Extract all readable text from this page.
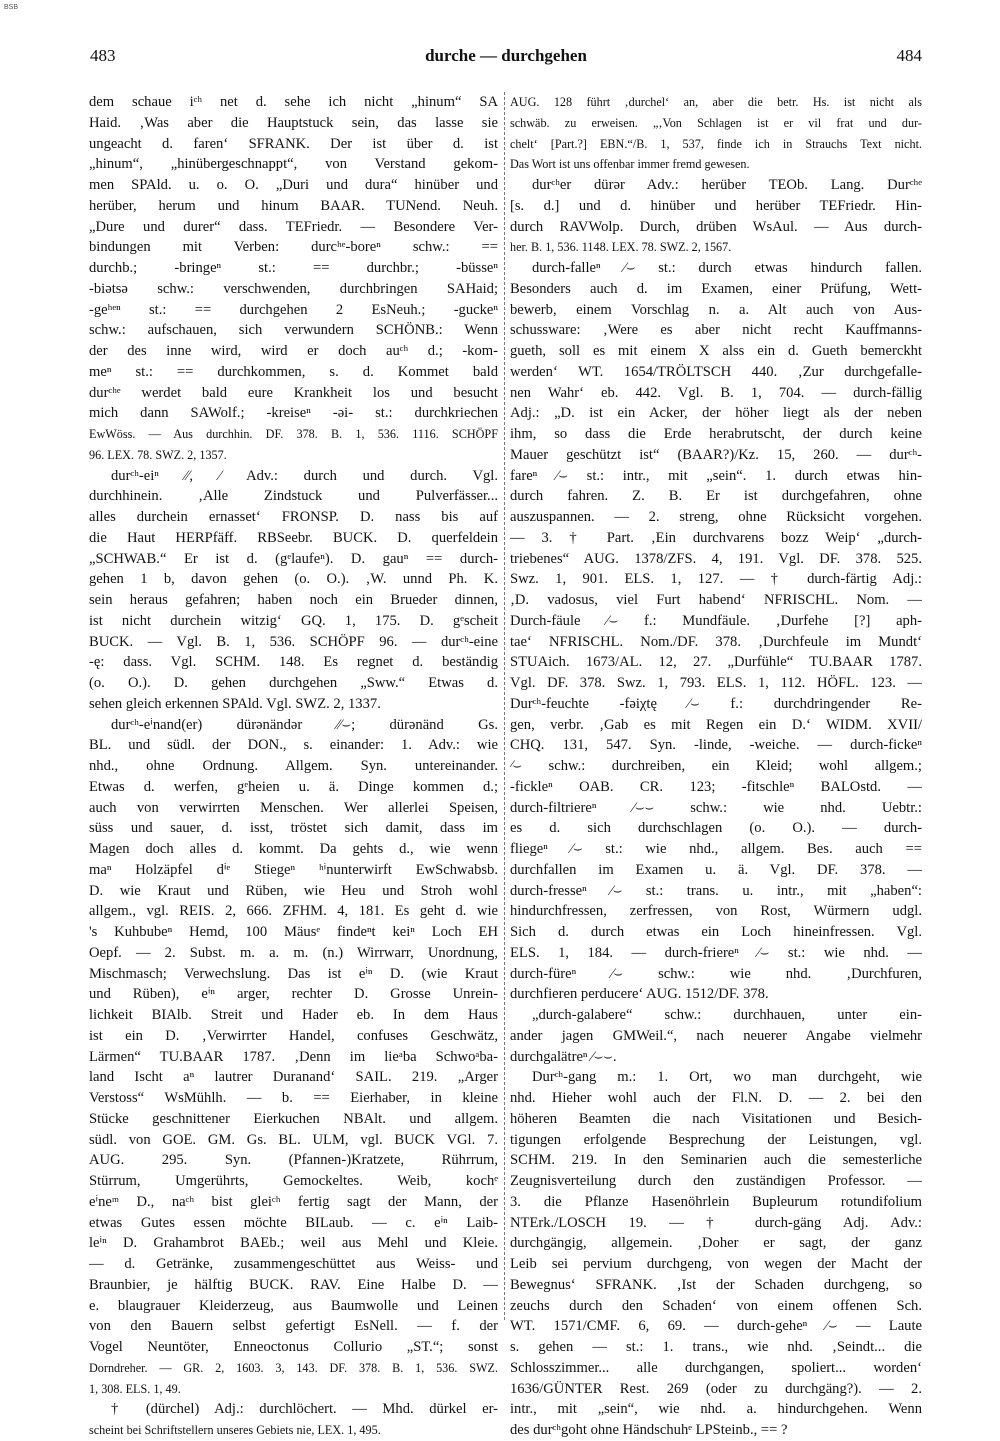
BSB
483	durche — durchgehen	484
dem schaue iᶜʰ net d. sehe ich nicht „hinum“ SA
Haid. ‚Was aber die Hauptstuck sein, das lasse sie
ungeacht d. faren‘ SFRANK. Der ist über d. ist
„hinum“, „hinübergeschnappt“, von Verstand gekom-
men SPAld. u. o. O. „Duri und dura“ hinüber und
herüber, herum und hinum BAAR. TUNend. Neuh.
„Dure und durer“ dass. TEFriedr. — Besondere Ver-
bindungen mit Verben: durcʰᵉ-boreⁿ schw.: ==
durchb.; -bringeⁿ st.: == durchbr.; -büsseⁿ
-biətsə schw.: verschwenden, durchbringen SAHaid;
-geʰᵉⁿ st.: == durchgehen 2 EsNeuh.; -guckeⁿ
schw.: aufschauen, sich verwundern SCHÖNB.: Wenn
der des inne wird, wird er doch auᶜʰ d.; -kom-
meⁿ st.: == durchkommen, s. d. Kommet bald
durᶜʰᵉ werdet bald eure Krankheit los und besucht
mich dann SAWolf.; -kreiseⁿ -əi- st.: durchkriechen
EwWöss. — Aus durchhin. DF. 378. B. 1, 536. 1116. SCHÖPF
96. LEX. 78. SWZ. 2, 1357.
durᶜʰ-eiⁿ ⁄⁄, ⁄ Adv.: durch und durch. Vgl.
durchhinein. ‚Alle Zindstuck und Pulverfässer...
alles durchein ernasset‘ FRONSP. D. nass bis auf
die Haut HERPfäff. RBSeebr. BUCK. D. querfeldein
„SCHWAB.“ Er ist d. (gᵉlaufeⁿ). D. gauⁿ == durch-
gehen 1 b, davon gehen (o. O.). ‚W. unnd Ph. K.
sein heraus gefahren; haben noch ein Brueder dinnen,
ist nicht durchein witzig‘ GQ. 1, 175. D. gᵉscheit
BUCK. — Vgl. B. 1, 536. SCHÖPF 96. — durᶜʰ-eine
-ę: dass. Vgl. SCHM. 148. Es regnet d. beständig
(o. O.). D. gehen durchgehen „Sww.“ Etwas d.
sehen gleich erkennen SPAld. Vgl. SWZ. 2, 1337.
durᶜʰ-eⁱnand(er) dürənändər ⁄⁄⌣; dürənänd Gs.
BL. und südl. der DON., s. einander: 1. Adv.: wie
nhd., ohne Ordnung. Allgem. Syn. untereinander.
Etwas d. werfen, gᵉheien u. ä. Dinge kommen d.;
auch von verwirrten Menschen. Wer allerlei Speisen,
süss und sauer, d. isst, tröstet sich damit, dass im
Magen doch alles d. kommt. Da gehts d., wie wenn
maⁿ Holzäpfel dⁱᵉ Stiegeⁿ ʰⁱnunterwirft EwSchwabsb.
D. wie Kraut und Rüben, wie Heu und Stroh wohl
allgem., vgl. REIS. 2, 666. ZFHM. 4, 181. Es geht d. wie
's Kuhbubeⁿ Hemd, 100 Mäusᵉ findeⁿt keiⁿ Loch EH
Oepf. — 2. Subst. m. a. m. (n.) Wirrwarr, Unordnung,
Mischmasch; Verwechslung. Das ist eⁱⁿ D. (wie Kraut
und Rüben), eⁱⁿ arger, rechter D. Grosse Unrein-
lichkeit BIAlb. Streit und Hader eb. In dem Haus
ist ein D. ‚Verwirrter Handel, confuses Geschwätz,
Lärmen“ TU.BAAR 1787. ‚Denn im lieᵃba Schwoᵃba-
land Ischt aⁿ lautrer Duranand‘ SAIL. 219. „Arger
Verstoss“ WsMühlh. — b. == Eierhaber, in kleine
Stücke geschnittener Eierkuchen NBAlt. und allgem.
südl. von GOE. GM. Gs. BL. ULM, vgl. BUCK VGl. 7.
AUG. 295. Syn. (Pfannen-)Kratzete, Rührrum,
Stürrum, Umgerührts, Gemockeltes. Weib, kochᵉ
eⁱneᵐ D., naᶜʰ bist gleiᶜʰ fertig sagt der Mann, der
etwas Gutes essen möchte BILaub. — c. eⁱⁿ Laib-
leⁱⁿ D. Grahambrot BAEb.; weil aus Mehl und Kleie.
— d. Getränke, zusammengeschüttet aus Weiss- und
Braunbier, je hälftig BUCK. RAV. Eine Halbe D. —
e. blaugrauer Kleiderzeug, aus Baumwolle und Leinen
von den Bauern selbst gefertigt EsNell. — f. der
Vogel Neuntöter, Enneoctonus Collurio „ST.“; sonst
Dorndreher. — GR. 2, 1603. 3, 143. DF. 378. B. 1, 536. SWZ.
1, 308. ELS. 1, 49.
† (dürchel) Adj.: durchlöchert. — Mhd. dürkel er-
scheint bei Schriftstellern unseres Gebiets nie, LEX. 1, 495.
AUG. 128 führt ‚durchel‘ an, aber die betr. Hs. ist nicht als
schwäb. zu erweisen. „‚Von Schlagen ist er vil frat und dur-
chelt‘ [Part.?] EBN.“/B. 1, 537, finde ich in Strauchs Text nicht.
Das Wort ist uns offenbar immer fremd gewesen.
durᶜʰer dürər Adv.: herüber TEOb. Lang. Durᶜʰᵉ
[s. d.] und d. hinüber und herüber TEFriedr. Hin-
durch RAVWolp. Durch, drüben WsAul. — Aus durch-
her. B. 1, 536. 1148. LEX. 78. SWZ. 2, 1567.
durch-falleⁿ ⁄⌣ st.: durch etwas hindurch fallen.
Besonders auch d. im Examen, einer Prüfung, Wett-
bewerb, einem Vorschlag n. a. Alt auch von Aus-
schussware: ‚Were es aber nicht recht Kauffmanns-
gueth, soll es mit einem X alss ein d. Gueth bemerckht
werden‘ WT. 1654/TRÖLTSCH 440. ‚Zur durchgefalle-
nen Wahr‘ eb. 442. Vgl. B. 1, 704. — durch-fällig
Adj.: „D. ist ein Acker, der höher liegt als der neben
ihm, so dass die Erde herabrutscht, der durch keine
Mauer geschützt ist“ (BAAR?)/Kz. 15, 260. — durᶜʰ-
fareⁿ ⁄⌣ st.: intr., mit „sein“. 1. durch etwas hin-
durch fahren. Z. B. Er ist durchgefahren, ohne
auszuspannen. — 2. streng, ohne Rücksicht vorgehen.
— 3. † Part. ‚Ein durchvarens bozz Weip‘ „durch-
triebenes“ AUG. 1378/ZFS. 4, 191. Vgl. DF. 378. 525.
Swz. 1, 901. ELS. 1, 127. — † durch-färtig Adj.:
‚D. vadosus, viel Furt habend‘ NFRISCHL. Nom. —
Durch-fäule ⁄⌣ f.: Mundfäule. ‚Durfehe [?] aph-
tae‘ NFRISCHL. Nom./DF. 378. ‚Durchfeule im Mundt‘
STUAich. 1673/AL. 12, 27. „Durfühle“ TU.BAAR 1787.
Vgl. DF. 378. Swz. 1, 793. ELS. 1, 112. HÖFL. 123. —
Durᶜʰ-feuchte -fəiχtę ⁄⌣ f.: durchdringender Re-
gen, verbr. ‚Gab es mit Regen ein D.‘ WIDM. XVII/
CHQ. 131, 547. Syn. -linde, -weiche. — durch-fickeⁿ
⁄⌣ schw.: durchreiben, ein Kleid; wohl allgem.;
-fickleⁿ OAB. CR. 123; -fitschleⁿ BALOstd. —
durch-filtriereⁿ ⁄⌣⌣ schw.: wie nhd. Uebtr.:
es d. sich durchschlagen (o. O.). — durch-
fliegeⁿ ⁄⌣ st.: wie nhd., allgem. Bes. auch ==
durchfallen im Examen u. ä. Vgl. DF. 378. —
durch-fresseⁿ ⁄⌣ st.: trans. u. intr., mit „haben“:
hindurchfressen, zerfressen, von Rost, Würmern udgl.
Sich d. durch etwas ein Loch hineinfressen. Vgl.
ELS. 1, 184. — durch-friereⁿ ⁄⌣ st.: wie nhd. —
durch-füreⁿ ⁄⌣ schw.: wie nhd. ‚Durchfuren,
durchfieren perducere‘ AUG. 1512/DF. 378.
„durch-galabere“ schw.: durchhauen, unter ein-
ander jagen GMWeil.“, nach neuerer Angabe vielmehr
durchgalätreⁿ ⁄⌣⌣.
Durᶜʰ-gang m.: 1. Ort, wo man durchgeht, wie
nhd. Hieher wohl auch der Fl.N. D. — 2. bei den
höheren Beamten die nach Visitationen und Besich-
tigungen erfolgende Besprechung der Leistungen, vgl.
SCHM. 219. In den Seminarien auch die semesterliche
Zeugnisverteilung durch den zuständigen Professor. —
3. die Pflanze Hasenöhrlein Bupleurum rotundifolium
NTErk./LOSCH 19. — † durch-gäng Adj. Adv.:
durchgängig, allgemein. ‚Doher er sagt, der ganz
Leib sei pervium durchgeng, von wegen der Macht der
Bewegnus‘ SFRANK. ‚Ist der Schaden durchgeng, so
zeuchs durch den Schaden‘ von einem offenen Sch.
WT. 1571/CMF. 6, 69. — durch-geheⁿ ⁄⌣ — Laute
s. gehen — st.: 1. trans., wie nhd. ‚Seindt... die
Schlosszimmer... alle durchgangen, spoliert... worden‘
1636/GÜNTER Rest. 269 (oder zu durchgäng?). — 2.
intr., mit „sein“, wie nhd. a. hindurchgehen. Wenn
des durᶜʰgoht ohne Händschuhᵉ LPSteinb., == ?
